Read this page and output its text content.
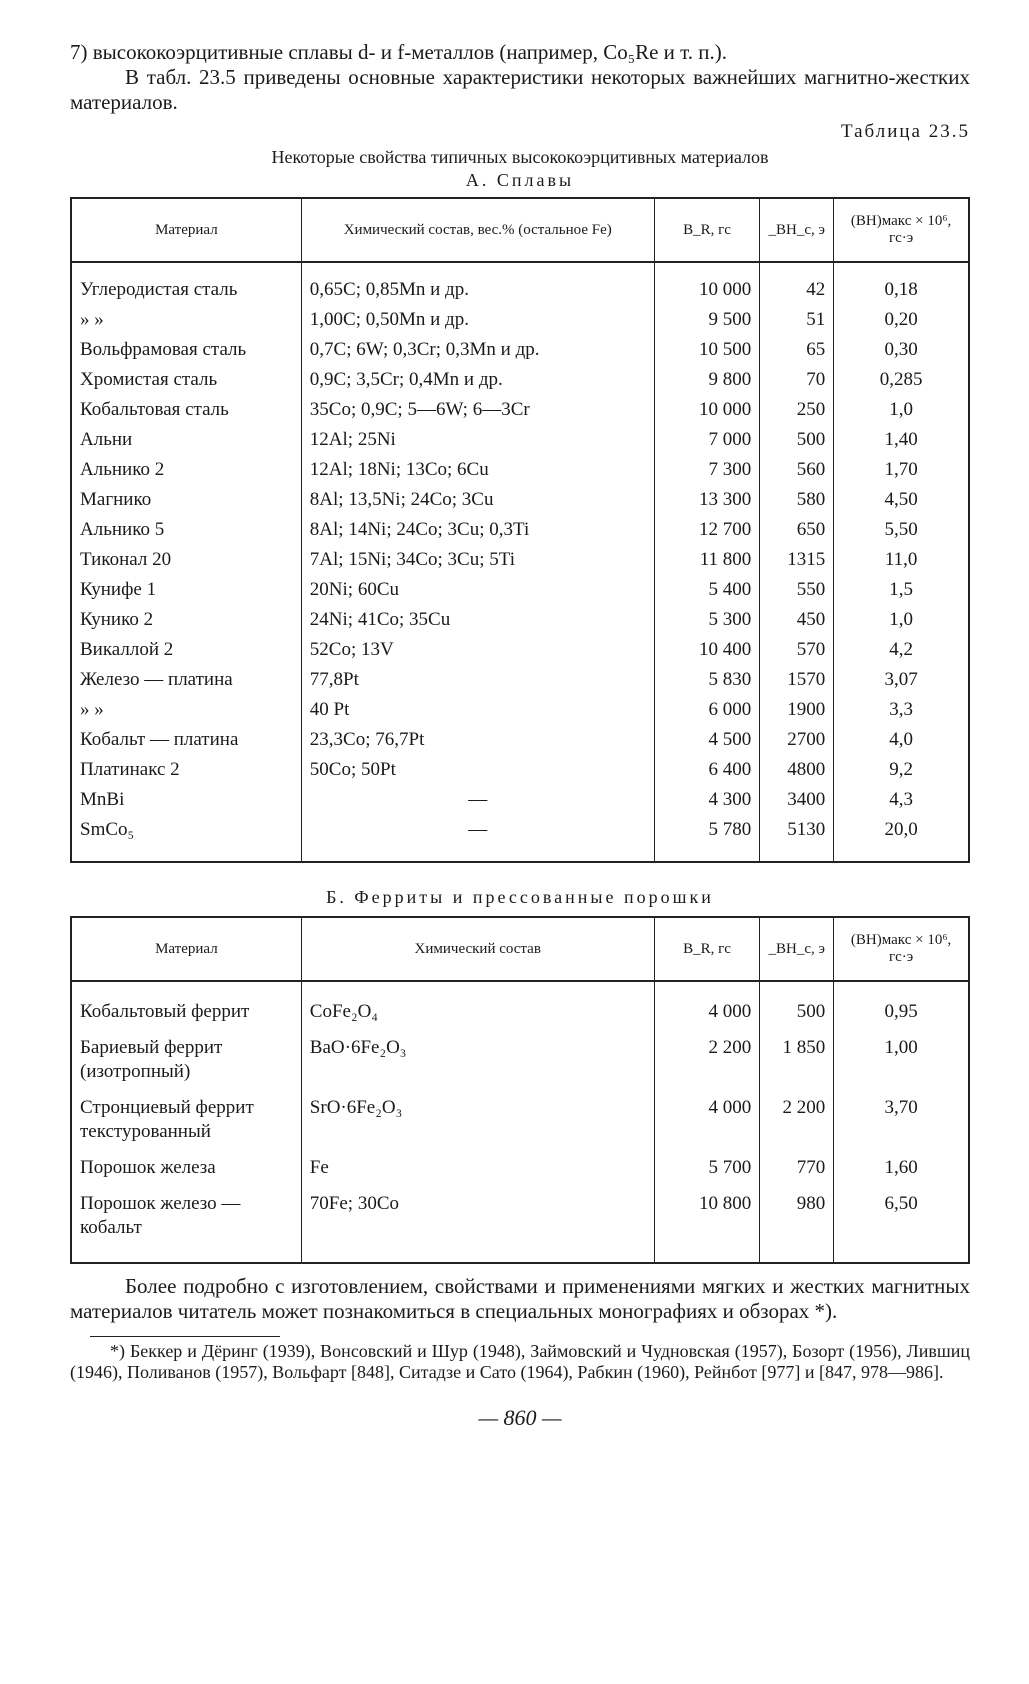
7) высококоэрцитивные сплавы d- и f-металлов (например, Co₅Re и т. п.).

В табл. 23.5 приведены основные характеристики некоторых важнейших магнитно-жестких материалов.

Таблица 23.5
Некоторые свойства типичных высококоэрцитивных материалов
А. Сплавы
Материал	Химический состав, вес.% (остальное Fe)	B_R, гс	_BH_c, э	(BH)макс × 10⁶, гс·э

Углеродистая сталь	0,65C; 0,85Mn и др.	10 000	42	0,18
» »	1,00C; 0,50Mn и др.	9 500	51	0,20
Вольфрамовая сталь	0,7C; 6W; 0,3Cr; 0,3Mn и др.	10 500	65	0,30
Хромистая сталь	0,9C; 3,5Cr; 0,4Mn и др.	9 800	70	0,285
Кобальтовая сталь	35Co; 0,9C; 5—6W; 6—3Cr	10 000	250	1,0
Альни	12Al; 25Ni	7 000	500	1,40
Альнико 2	12Al; 18Ni; 13Co; 6Cu	7 300	560	1,70
Магнико	8Al; 13,5Ni; 24Co; 3Cu	13 300	580	4,50
Альнико 5	8Al; 14Ni; 24Co; 3Cu; 0,3Ti	12 700	650	5,50
Тиконал 20	7Al; 15Ni; 34Co; 3Cu; 5Ti	11 800	1315	11,0
Кунифе 1	20Ni; 60Cu	5 400	550	1,5
Кунико 2	24Ni; 41Co; 35Cu	5 300	450	1,0
Викаллой 2	52Co; 13V	10 400	570	4,2
Железо — платина	77,8Pt	5 830	1570	3,07
» »	40 Pt	6 000	1900	3,3
Кобальт — платина	23,3Co; 76,7Pt	4 500	2700	4,0
Платинакс 2	50Co; 50Pt	6 400	4800	9,2
MnBi	—	4 300	3400	4,3
SmCo₅	—	5 780	5130	20,0

Б. Ферриты и прессованные порошки
Материал	Химический состав	B_R, гс	_BH_c, э	(BH)макс × 10⁶, гс·э

Кобальтовый феррит	CoFe₂O₄	4 000	500	0,95
Бариевый феррит (изотропный)	BaO·6Fe₂O₃	2 200	1 850	1,00
Стронциевый феррит текстурованный	SrO·6Fe₂O₃	4 000	2 200	3,70
Порошок железа	Fe	5 700	770	1,60
Порошок железо — кобальт	70Fe; 30Co	10 800	980	6,50

Более подробно с изготовлением, свойствами и применениями мягких и жестких магнитных материалов читатель может познакомиться в специальных монографиях и обзорах *).

*) Беккер и Дёринг (1939), Вонсовский и Шур (1948), Займовский и Чудновская (1957), Бозорт (1956), Лившиц (1946), Поливанов (1957), Вольфарт [848], Ситадзе и Сато (1964), Рабкин (1960), Рейнбот [977] и [847, 978—986].
— 860 —
